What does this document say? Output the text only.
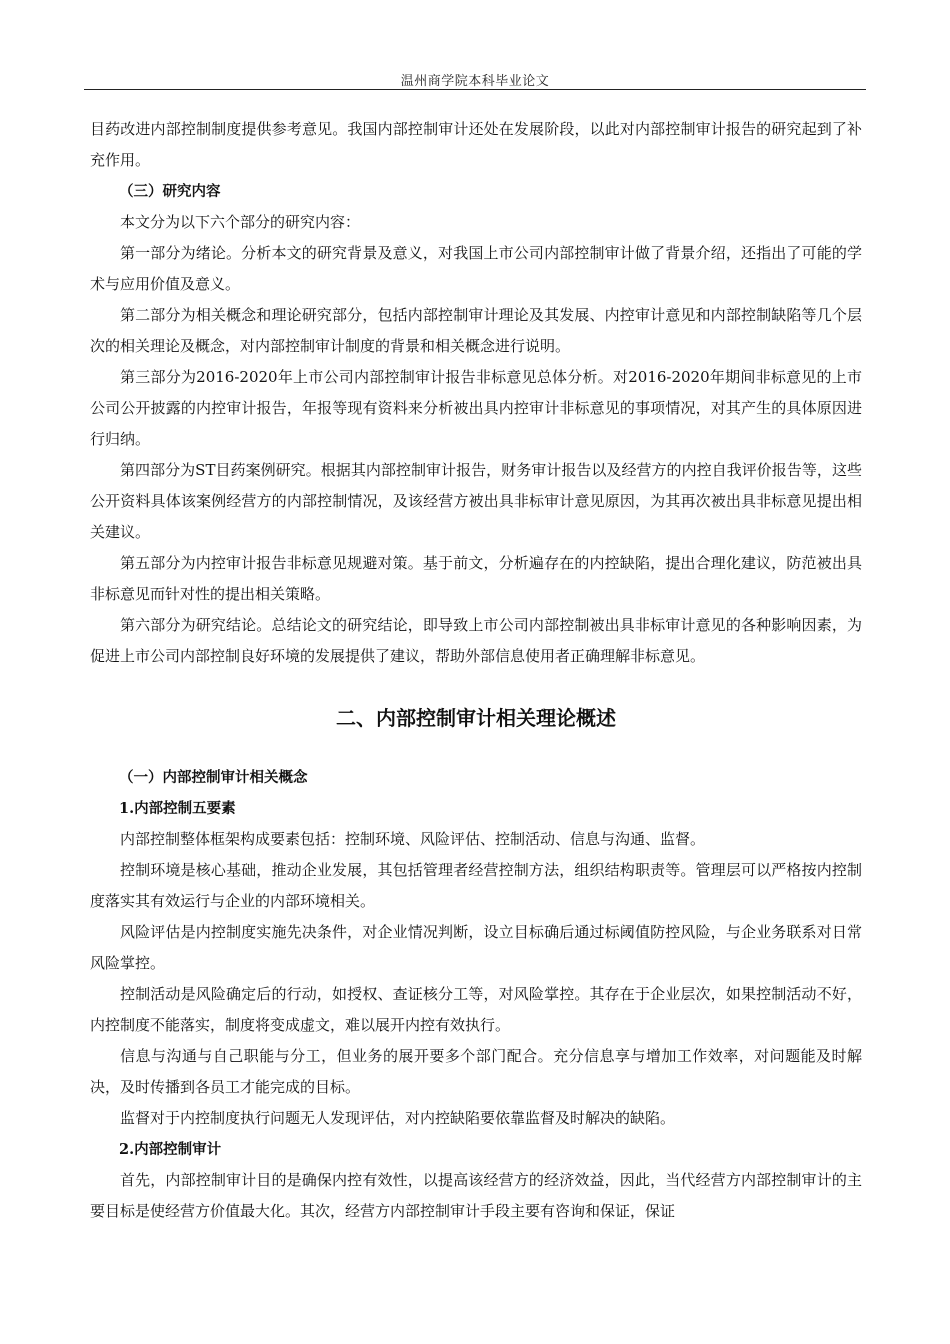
温州商学院本科毕业论文

目药改进内部控制制度提供参考意见。我国内部控制审计还处在发展阶段，以此对内部控制审计报告的研究起到了补充作用。

（三）研究内容

本文分为以下六个部分的研究内容：

第一部分为绪论。分析本文的研究背景及意义，对我国上市公司内部控制审计做了背景介绍，还指出了可能的学术与应用价值及意义。

第二部分为相关概念和理论研究部分，包括内部控制审计理论及其发展、内控审计意见和内部控制缺陷等几个层次的相关理论及概念，对内部控制审计制度的背景和相关概念进行说明。

第三部分为2016-2020年上市公司内部控制审计报告非标意见总体分析。对2016-2020年期间非标意见的上市公司公开披露的内控审计报告，年报等现有资料来分析被出具内控审计非标意见的事项情况，对其产生的具体原因进行归纳。

第四部分为ST目药案例研究。根据其内部控制审计报告，财务审计报告以及经营方的内控自我评价报告等，这些公开资料具体该案例经营方的内部控制情况，及该经营方被出具非标审计意见原因，为其再次被出具非标意见提出相关建议。

第五部分为内控审计报告非标意见规避对策。基于前文，分析遍存在的内控缺陷，提出合理化建议，防范被出具非标意见而针对性的提出相关策略。

第六部分为研究结论。总结论文的研究结论，即导致上市公司内部控制被出具非标审计意见的各种影响因素，为促进上市公司内部控制良好环境的发展提供了建议，帮助外部信息使用者正确理解非标意见。

二、内部控制审计相关理论概述

（一）内部控制审计相关概念

1.内部控制五要素

内部控制整体框架构成要素包括：控制环境、风险评估、控制活动、信息与沟通、监督。

控制环境是核心基础，推动企业发展，其包括管理者经营控制方法，组织结构职责等。管理层可以严格按内控制度落实其有效运行与企业的内部环境相关。

风险评估是内控制度实施先决条件，对企业情况判断，设立目标确后通过标阈值防控风险，与企业务联系对日常风险掌控。

控制活动是风险确定后的行动，如授权、查证核分工等，对风险掌控。其存在于企业层次，如果控制活动不好，内控制度不能落实，制度将变成虚文，难以展开内控有效执行。

信息与沟通与自己职能与分工，但业务的展开要多个部门配合。充分信息享与增加工作效率，对问题能及时解决，及时传播到各员工才能完成的目标。

监督对于内控制度执行问题无人发现评估，对内控缺陷要依靠监督及时解决的缺陷。

2.内部控制审计

首先，内部控制审计目的是确保内控有效性，以提高该经营方的经济效益，因此，当代经营方内部控制审计的主要目标是使经营方价值最大化。其次，经营方内部控制审计手段主要有咨询和保证，保证
